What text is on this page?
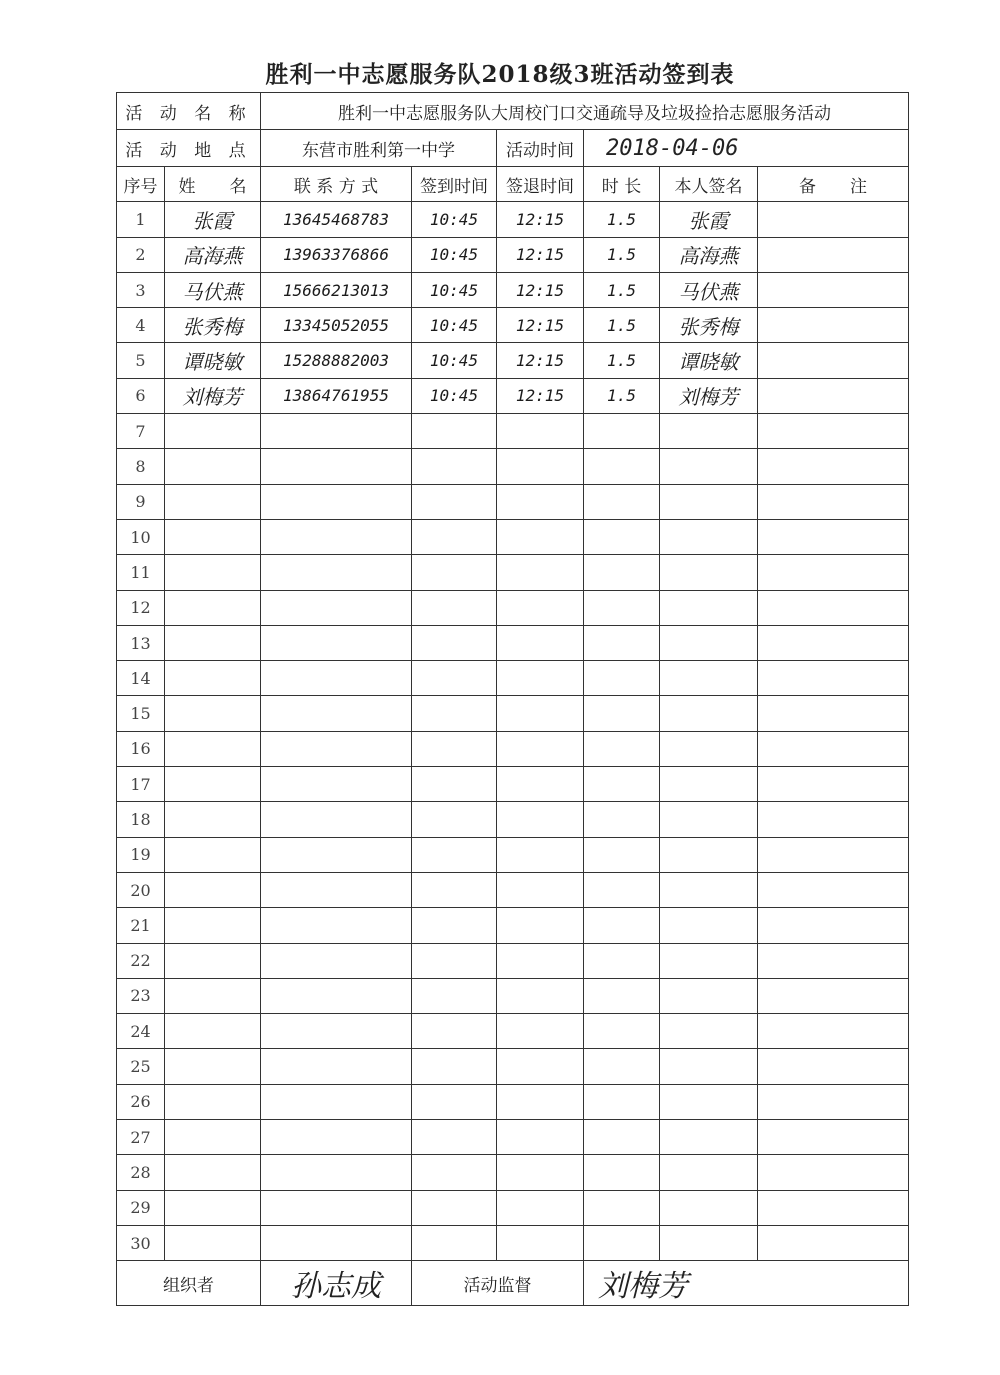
胜利一中志愿服务队2018级3班活动签到表
活 动 名 称		胜利一中志愿服务队大周校门口交通疏导及垃圾捡拾志愿服务活动					
活 动 地 点		东营市胜利第一中学		活动时间	2018-04-06		
序号	姓　　名	联 系 方 式	签到时间	签退时间	时 长	本人签名	备　　注
1	张霞	13645468783	10:45	12:15	1.5	张霞	
2	高海燕	13963376866	10:45	12:15	1.5	高海燕	
3	马伏燕	15666213013	10:45	12:15	1.5	马伏燕	
4	张秀梅	13345052055	10:45	12:15	1.5	张秀梅	
5	谭晓敏	15288882003	10:45	12:15	1.5	谭晓敏	
6	刘梅芳	13864761955	10:45	12:15	1.5	刘梅芳	
7							
8							
9							
10							
11							
12							
13							
14							
15							
16							
17							
18							
19							
20							
21							
22							
23							
24							
25							
26							
27							
28							
29							
30							
组织者		孙志成	活动监督		刘梅芳		
